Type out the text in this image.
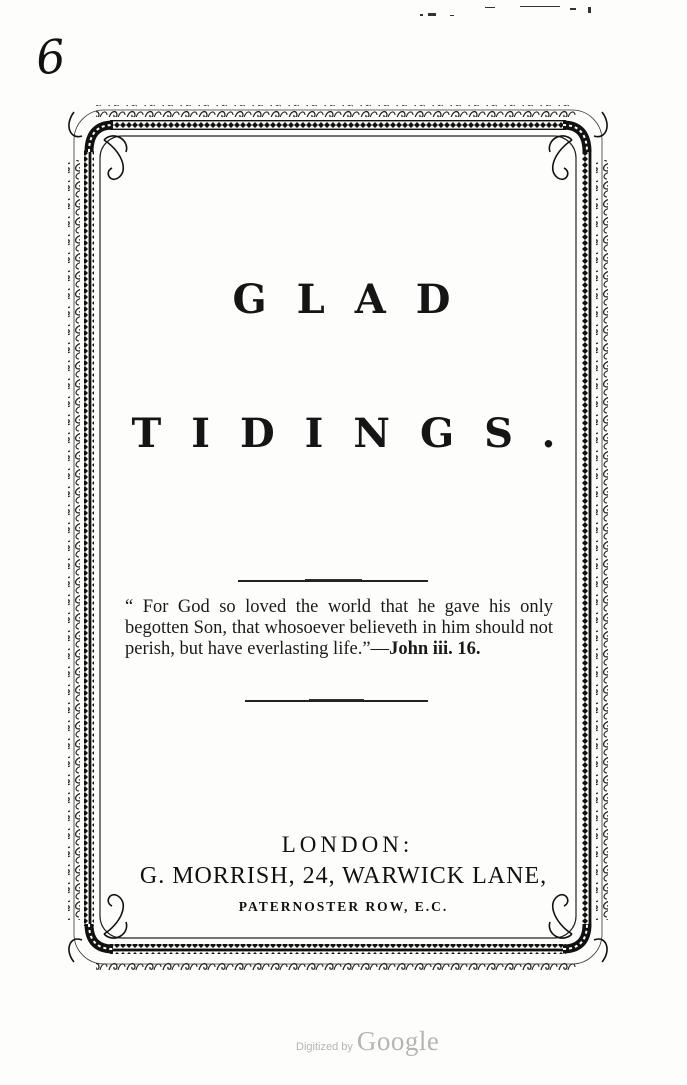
6
GLAD
TIDINGS.
“ For God so loved the world that he gave his only begotten Son, that whosoever believeth in him should not perish, but have everlasting life.”—John iii. 16.
LONDON:
G. MORRISH, 24, WARWICK LANE,
PATERNOSTER ROW, E.C.
Digitized by Google
